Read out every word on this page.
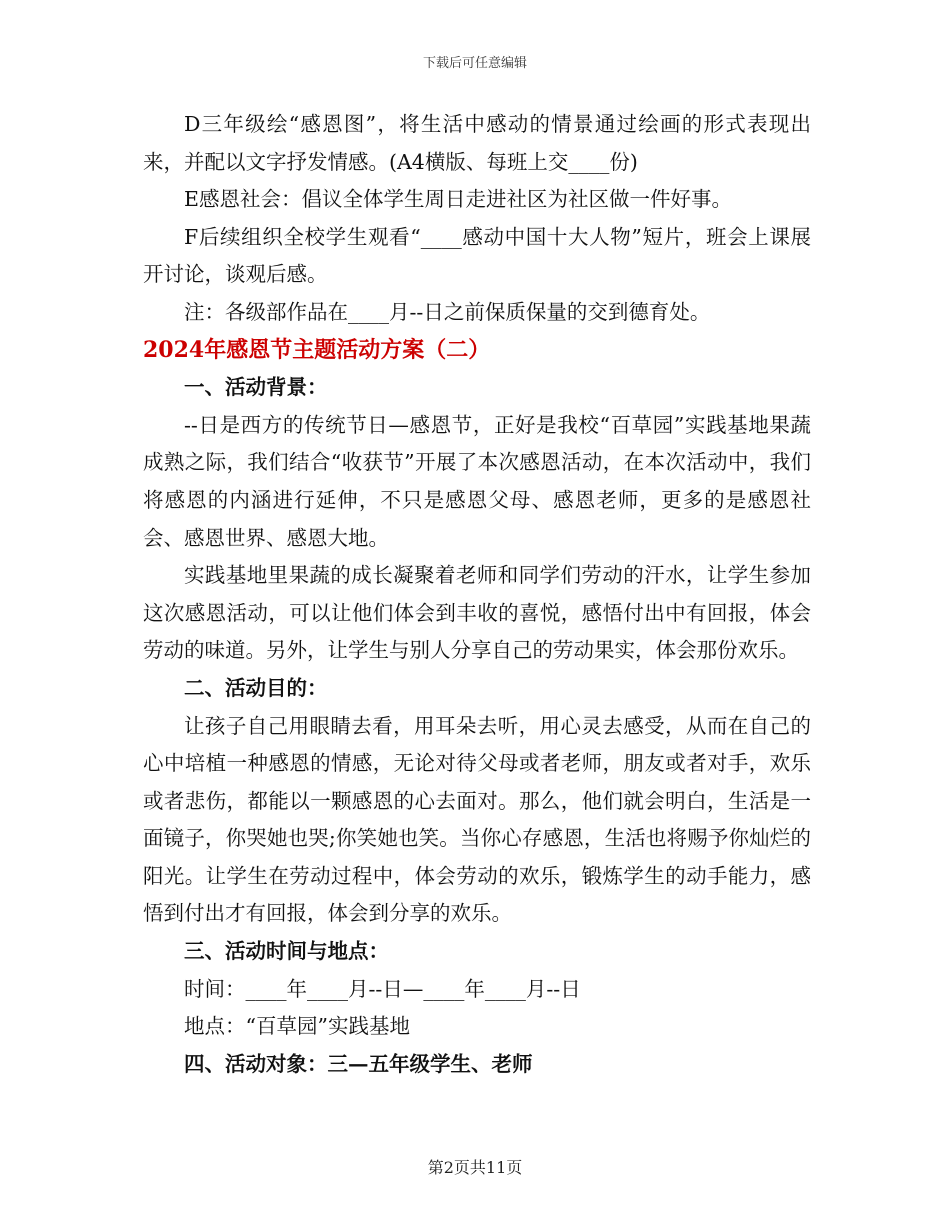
下载后可任意编辑

D三年级绘“感恩图”，将生活中感动的情景通过绘画的形式表现出来，并配以文字抒发情感。(A4横版、每班上交____份)

E感恩社会：倡议全体学生周日走进社区为社区做一件好事。

F后续组织全校学生观看“____感动中国十大人物”短片，班会上课展开讨论，谈观后感。

注：各级部作品在____月--日之前保质保量的交到德育处。

2024年感恩节主题活动方案（二）

一、活动背景：

--日是西方的传统节日—感恩节，正好是我校“百草园”实践基地果蔬成熟之际，我们结合“收获节”开展了本次感恩活动，在本次活动中，我们将感恩的内涵进行延伸，不只是感恩父母、感恩老师，更多的是感恩社会、感恩世界、感恩大地。

实践基地里果蔬的成长凝聚着老师和同学们劳动的汗水，让学生参加这次感恩活动，可以让他们体会到丰收的喜悦，感悟付出中有回报，体会劳动的味道。另外，让学生与别人分享自己的劳动果实，体会那份欢乐。

二、活动目的：

让孩子自己用眼睛去看，用耳朵去听，用心灵去感受，从而在自己的心中培植一种感恩的情感，无论对待父母或者老师，朋友或者对手，欢乐或者悲伤，都能以一颗感恩的心去面对。那么，他们就会明白，生活是一面镜子，你哭她也哭;你笑她也笑。当你心存感恩，生活也将赐予你灿烂的阳光。让学生在劳动过程中，体会劳动的欢乐，锻炼学生的动手能力，感悟到付出才有回报，体会到分享的欢乐。

三、活动时间与地点：

时间：____年____月--日—____年____月--日

地点：“百草园”实践基地

四、活动对象：三—五年级学生、老师

第2页共11页
